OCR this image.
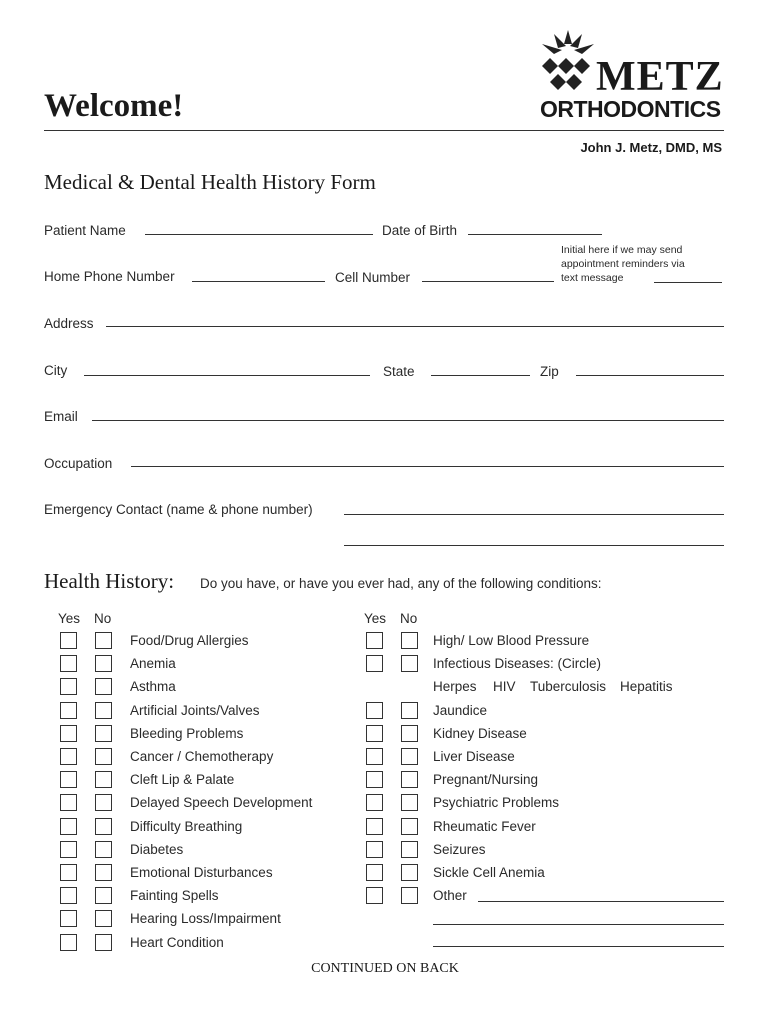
METZ
ORTHODONTICS
Welcome!
John J. Metz, DMD, MS
Medical & Dental Health History Form
Patient Name	Date of Birth
Home Phone Number	Cell Number
Initial here if we may send appointment reminders via text message
Address
City	State	Zip
Email
Occupation
Emergency Contact (name & phone number)
Health History: Do you have, or have you ever had, any of the following conditions:
Yes No	Yes No
Food/Drug Allergies
Anemia
Asthma
Artificial Joints/Valves
Bleeding Problems
Cancer / Chemotherapy
Cleft Lip & Palate
Delayed Speech Development
Difficulty Breathing
Diabetes
Emotional Disturbances
Fainting Spells
Hearing Loss/Impairment
Heart Condition
High/ Low Blood Pressure
Infectious Diseases: (Circle)
Jaundice
Kidney Disease
Liver Disease
Pregnant/Nursing
Psychiatric Problems
Rheumatic Fever
Seizures
Sickle Cell Anemia
Other
Herpes HIV Tuberculosis Hepatitis
CONTINUED ON BACK
